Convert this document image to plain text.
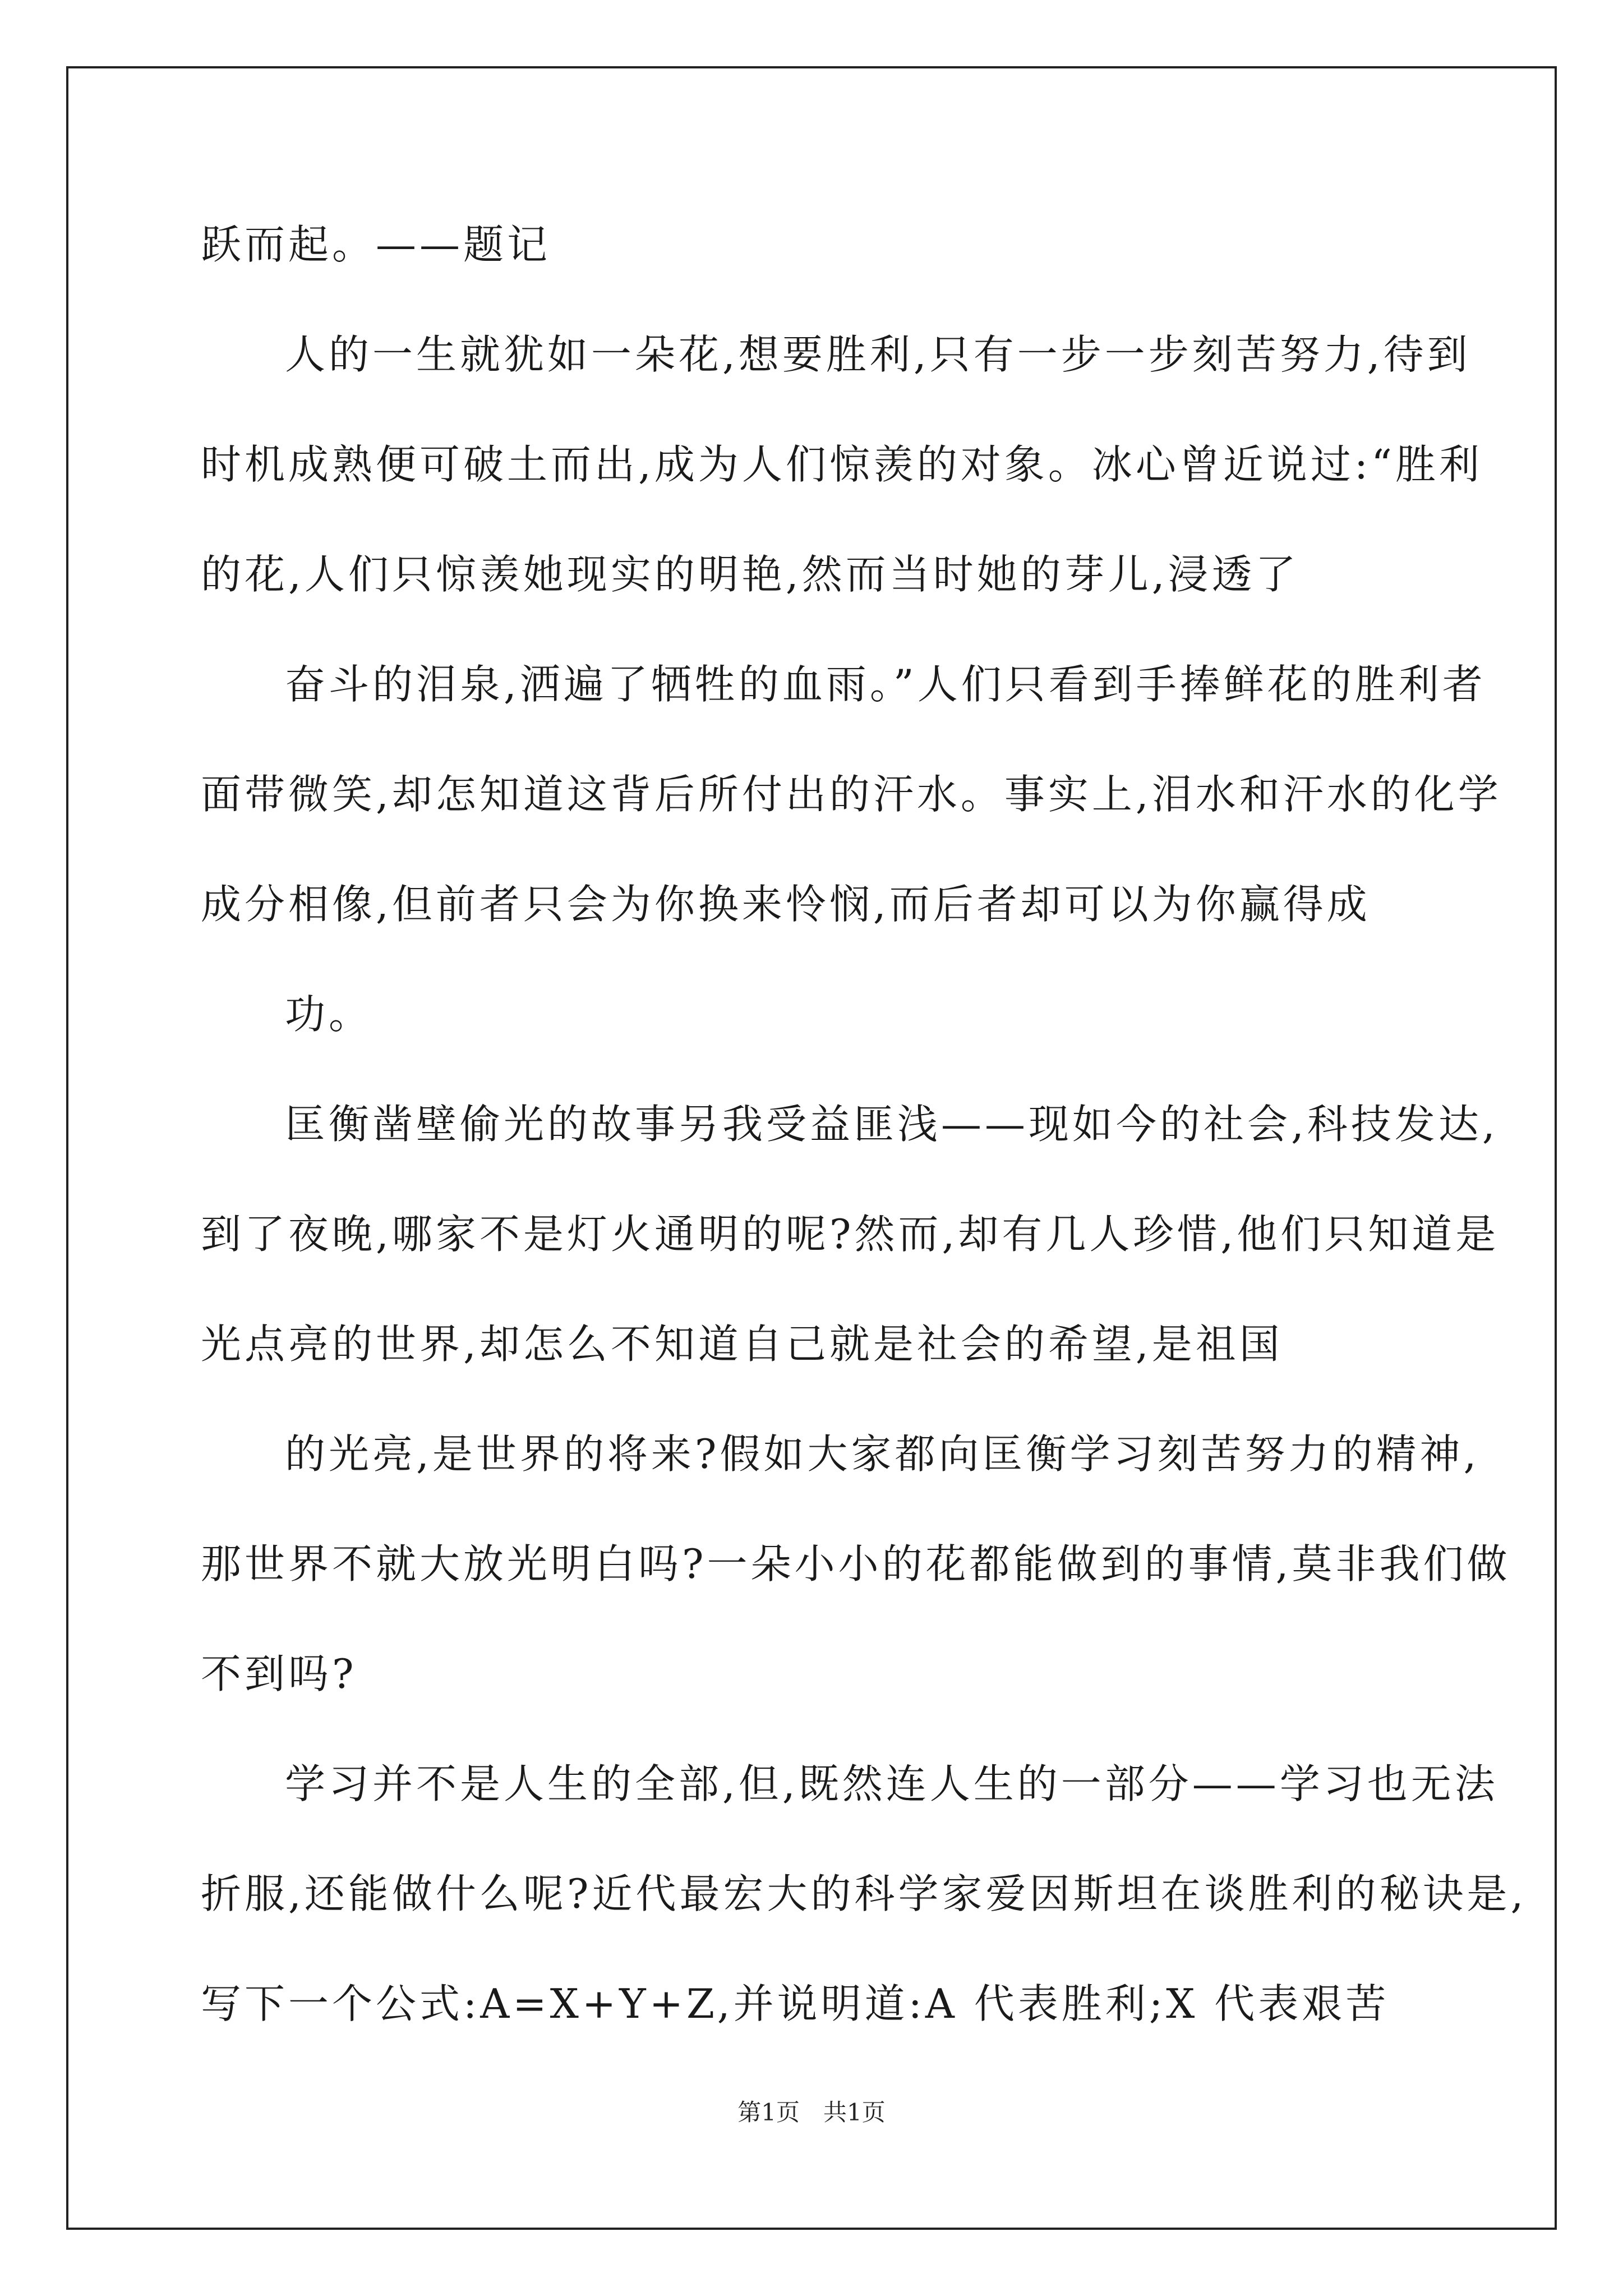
跃而起。——题记
人的一生就犹如一朵花,想要胜利,只有一步一步刻苦努力,待到
时机成熟便可破土而出,成为人们惊羡的对象。冰心曾近说过:“胜利
的花,人们只惊羡她现实的明艳,然而当时她的芽儿,浸透了
奋斗的泪泉,洒遍了牺牲的血雨。”人们只看到手捧鲜花的胜利者
面带微笑,却怎知道这背后所付出的汗水。事实上,泪水和汗水的化学
成分相像,但前者只会为你换来怜悯,而后者却可以为你赢得成
功。
匡衡凿壁偷光的故事另我受益匪浅——现如今的社会,科技发达,
到了夜晚,哪家不是灯火通明的呢?然而,却有几人珍惜,他们只知道是
光点亮的世界,却怎么不知道自己就是社会的希望,是祖国
的光亮,是世界的将来?假如大家都向匡衡学习刻苦努力的精神,
那世界不就大放光明白吗?一朵小小的花都能做到的事情,莫非我们做
不到吗?
学习并不是人生的全部,但,既然连人生的一部分——学习也无法
折服,还能做什么呢?近代最宏大的科学家爱因斯坦在谈胜利的秘诀是,
写下一个公式:A=X+Y+Z,并说明道:A 代表胜利;X 代表艰苦
第1页　共1页
